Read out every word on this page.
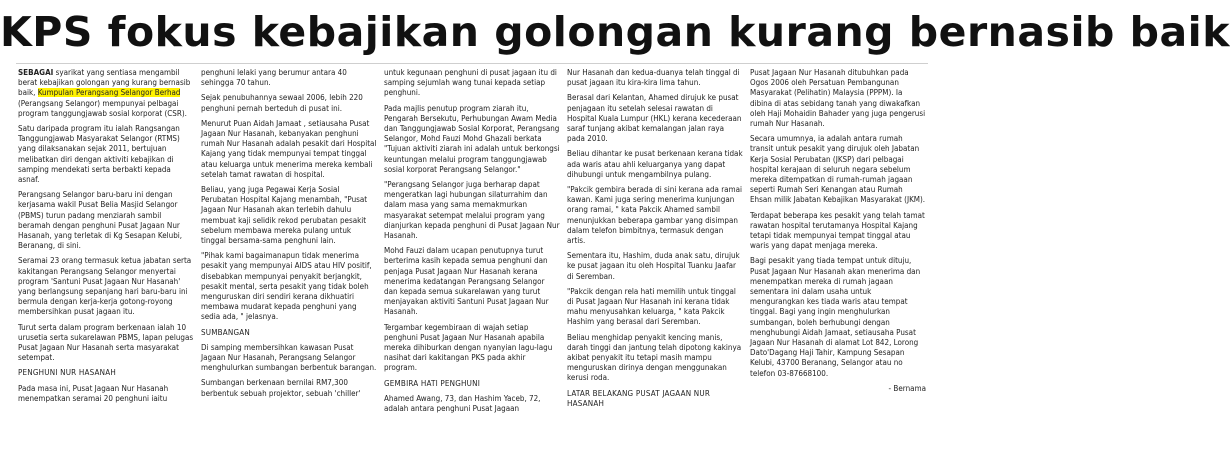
KPS fokus kebajikan golongan kurang bernasib baik

SEBAGAI syarikat yang sentiasa mengambil berat kebajikan golongan yang kurang bernasib baik, Kumpulan Perangsang Selangor Berhad (Perangsang Selangor) mempunyai pelbagai program tanggungjawab sosial korporat (CSR).

Satu daripada program itu ialah Rangsangan Tanggungjawab Masyarakat Selangor (RTMS) yang dilaksanakan sejak 2011, bertujuan melibatkan diri dengan aktiviti kebajikan di samping mendekati serta berbakti kepada asnaf.

Perangsang Selangor baru-baru ini dengan kerjasama wakil Pusat Belia Masjid Selangor (PBMS) turun padang menziarah sambil beramah dengan penghuni Pusat Jagaan Nur Hasanah, yang terletak di Kg Sesapan Kelubi, Beranang, di sini.

Seramai 23 orang termasuk ketua jabatan serta kakitangan Perangsang Selangor menyertai program 'Santuni Pusat Jagaan Nur Hasanah' yang berlangsung sepanjang hari baru-baru ini bermula dengan kerja-kerja gotong-royong membersihkan pusat jagaan itu.

Turut serta dalam program berkenaan ialah 10 urusetia serta sukarelawan PBMS, lapan pelugas Pusat Jagaan Nur Hasanah serta masyarakat setempat.

PENGHUNI NUR HASANAH

Pada masa ini, Pusat Jagaan Nur Hasanah menempatkan seramai 20 penghuni iaitu

penghuni lelaki yang berumur antara 40 sehingga 70 tahun.

Sejak penubuhannya sewaal 2006, lebih 220 penghuni pernah berteduh di pusat ini.

Menurut Puan Aidah Jamaat , setiausaha Pusat Jagaan Nur Hasanah, kebanyakan penghuni rumah Nur Hasanah adalah pesakit dari Hospital Kajang yang tidak mempunyai tempat tinggal atau keluarga untuk menerima mereka kembali setelah tamat rawatan di hospital.

Beliau, yang juga Pegawai Kerja Sosial Perubatan Hospital Kajang menambah, "Pusat Jagaan Nur Hasanah akan terlebih dahulu membuat kaji selidik rekod perubatan pesakit sebelum membawa mereka pulang untuk tinggal bersama-sama penghuni lain.

"Pihak kami bagaimanapun tidak menerima pesakit yang mempunyai AIDS atau HIV positif, disebabkan mempunyai penyakit berjangkit, pesakit mental, serta pesakit yang tidak boleh menguruskan diri sendiri kerana dikhuatiri membawa mudarat kepada penghuni yang sedia ada, " jelasnya.

SUMBANGAN

Di samping membersihkan kawasan Pusat Jagaan Nur Hasanah, Perangsang Selangor menghulurkan sumbangan berbentuk barangan.

Sumbangan berkenaan bernilai RM7,300 berbentuk sebuah projektor, sebuah 'chiller'

untuk kegunaan penghuni di pusat jagaan itu di samping sejumlah wang tunai kepada setiap penghuni.

Pada majlis penutup program ziarah itu, Pengarah Bersekutu, Perhubungan Awam Media dan Tanggungjawab Sosial Korporat, Perangsang Selangor, Mohd Fauzi Mohd Ghazali berkata "Tujuan aktiviti ziarah ini adalah untuk berkongsi keuntungan melalui program tanggungjawab sosial korporat Perangsang Selangor."

"Perangsang Selangor juga berharap dapat mengeratkan lagi hubungan silaturrahim dan dalam masa yang sama memakmurkan masyarakat setempat melalui program yang dianjurkan kepada penghuni di Pusat Jagaan Nur Hasanah.

Mohd Fauzi dalam ucapan penutupnya turut berterima kasih kepada semua penghuni dan penjaga Pusat Jagaan Nur Hasanah kerana menerima kedatangan Perangsang Selangor dan kepada semua sukarelawan yang turut menjayakan aktiviti Santuni Pusat Jagaan Nur Hasanah.

Tergambar kegembiraan di wajah setiap penghuni Pusat Jagaan Nur Hasanah apabila mereka dihiburkan dengan nyanyian lagu-lagu nasihat dari kakitangan PKS pada akhir program.

GEMBIRA HATI PENGHUNI

Ahamed Awang, 73, dan Hashim Yaceb, 72, adalah antara penghuni Pusat Jagaan

Nur Hasanah dan kedua-duanya telah tinggal di pusat jagaan itu kira-kira lima tahun.

Berasal dari Kelantan, Ahamed dirujuk ke pusat penjagaan itu setelah selesai rawatan di Hospital Kuala Lumpur (HKL) kerana kecederaan saraf tunjang akibat kemalangan jalan raya pada 2010.

Beliau dihantar ke pusat berkenaan kerana tidak ada waris atau ahli keluarganya yang dapat dihubungi untuk mengambilnya pulang.

"Pakcik gembira berada di sini kerana ada ramai kawan. Kami juga sering menerima kunjungan orang ramai, " kata Pakcik Ahamed sambil menunjukkan beberapa gambar yang disimpan dalam telefon bimbitnya, termasuk dengan artis.

Sementara itu, Hashim, duda anak satu, dirujuk ke pusat jagaan itu oleh Hospital Tuanku Jaafar di Seremban.

"Pakcik dengan rela hati memilih untuk tinggal di Pusat Jagaan Nur Hasanah ini kerana tidak mahu menyusahkan keluarga, " kata Pakcik Hashim yang berasal dari Seremban.

Beliau menghidap penyakit kencing manis, darah tinggi dan jantung telah dipotong kakinya akibat penyakit itu tetapi masih mampu menguruskan dirinya dengan menggunakan kerusi roda.

LATAR BELAKANG PUSAT JAGAAN NUR HASANAH

Pusat Jagaan Nur Hasanah ditubuhkan pada Ogos 2006 oleh Persatuan Pembangunan Masyarakat (Pelihatin) Malaysia (PPPM). Ia dibina di atas sebidang tanah yang diwakafkan oleh Haji Mohaidin Bahader yang juga pengerusi rumah Nur Hasanah.

Secara umumnya, ia adalah antara rumah transit untuk pesakit yang dirujuk oleh Jabatan Kerja Sosial Perubatan (JKSP) dari pelbagai hospital kerajaan di seluruh negara sebelum mereka ditempatkan di rumah-rumah jagaan seperti Rumah Seri Kenangan atau Rumah Ehsan milik Jabatan Kebajikan Masyarakat (JKM).

Terdapat beberapa kes pesakit yang telah tamat rawatan hospital terutamanya Hospital Kajang tetapi tidak mempunyai tempat tinggal atau waris yang dapat menjaga mereka.

Bagi pesakit yang tiada tempat untuk dituju, Pusat Jagaan Nur Hasanah akan menerima dan menempatkan mereka di rumah jagaan sementara ini dalam usaha untuk mengurangkan kes tiada waris atau tempat tinggal. Bagi yang ingin menghulurkan sumbangan, boleh berhubungi dengan menghubungi Aidah Jamaat, setiausaha Pusat Jagaan Nur Hasanah di alamat Lot 842, Lorong Dato'Dagang Haji Tahir, Kampung Sesapan Kelubi, 43700 Beranang, Selangor atau no telefon 03-87668100.

- Bernama
